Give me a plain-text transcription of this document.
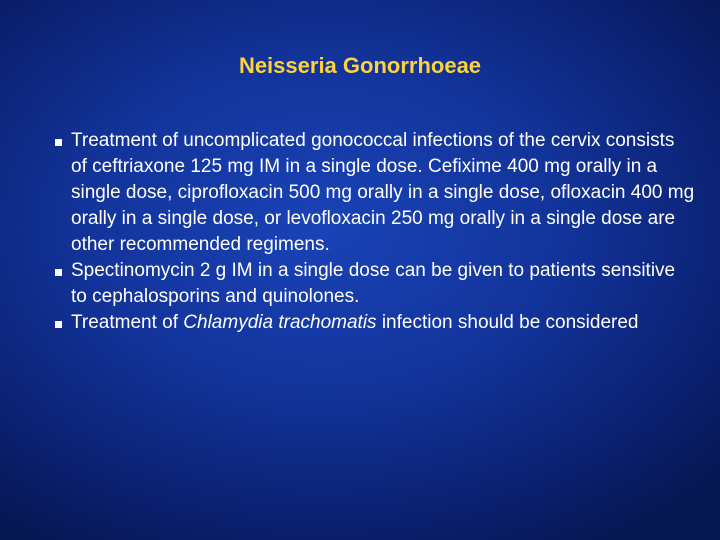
Neisseria Gonorrhoeae
Treatment of uncomplicated gonococcal infections of the cervix consists of ceftriaxone 125 mg IM in a single dose. Cefixime 400 mg orally in a single dose, ciprofloxacin 500 mg orally in a single dose, ofloxacin 400 mg orally in a single dose, or levofloxacin 250 mg orally in a single dose are other recommended regimens.
Spectinomycin 2 g IM in a single dose can be given to patients sensitive to cephalosporins and quinolones.
Treatment of Chlamydia trachomatis infection should be considered
